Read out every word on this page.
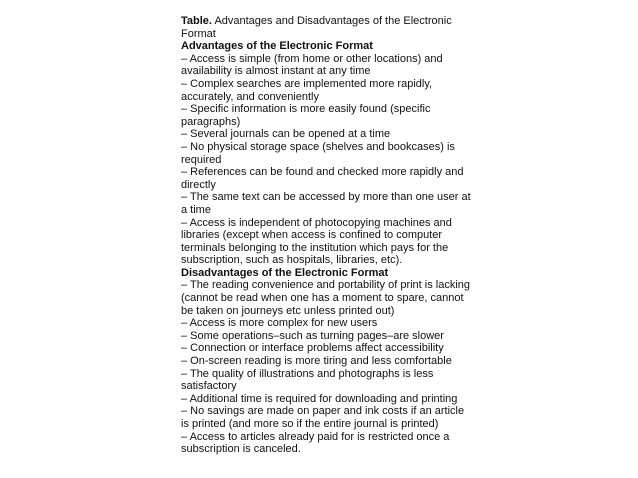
Table. Advantages and Disadvantages of the Electronic Format
Advantages of the Electronic Format
– Access is simple (from home or other locations) and availability is almost instant at any time
– Complex searches are implemented more rapidly, accurately, and conveniently
– Specific information is more easily found (specific paragraphs)
– Several journals can be opened at a time
– No physical storage space (shelves and bookcases) is required
– References can be found and checked more rapidly and directly
– The same text can be accessed by more than one user at a time
– Access is independent of photocopying machines and libraries (except when access is confined to computer terminals belonging to the institution which pays for the subscription, such as hospitals, libraries, etc).
Disadvantages of the Electronic Format
– The reading convenience and portability of print is lacking (cannot be read when one has a moment to spare, cannot be taken on journeys etc unless printed out)
– Access is more complex for new users
– Some operations–such as turning pages–are slower
– Connection or interface problems affect accessibility
– On-screen reading is more tiring and less comfortable
– The quality of illustrations and photographs is less satisfactory
– Additional time is required for downloading and printing
– No savings are made on paper and ink costs if an article is printed (and more so if the entire journal is printed)
– Access to articles already paid for is restricted once a subscription is canceled.
